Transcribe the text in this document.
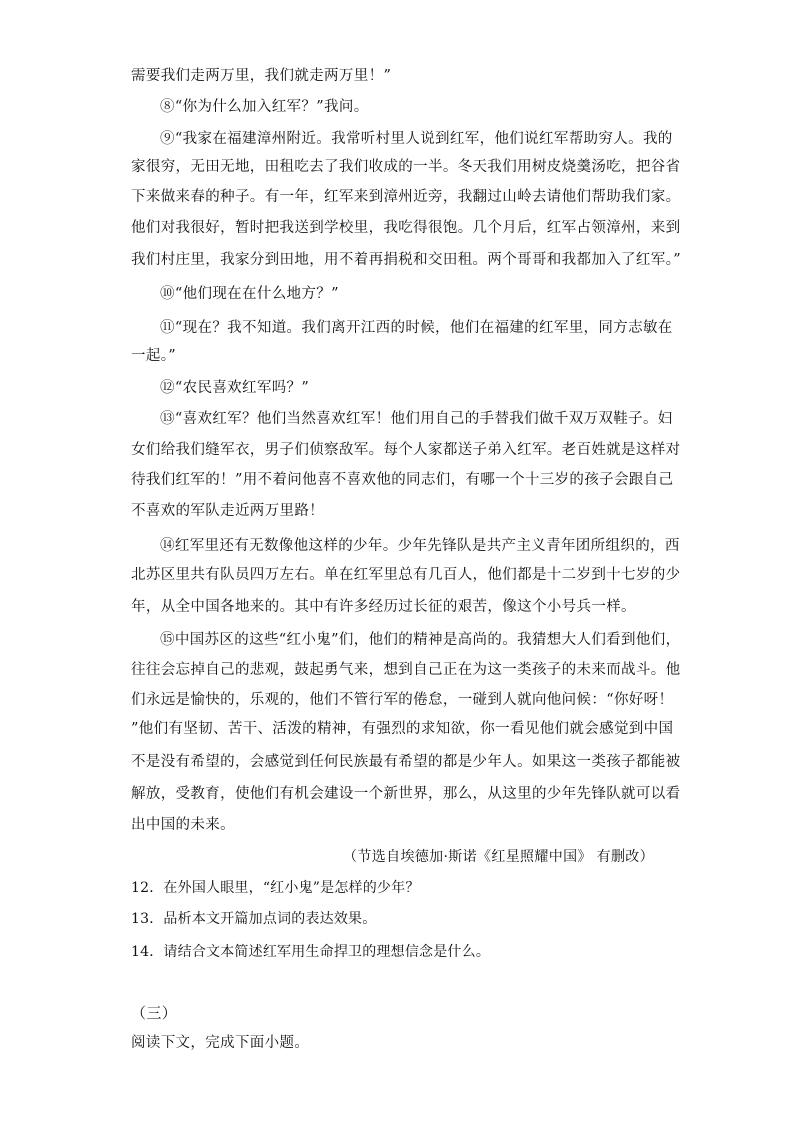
需要我们走两万里，我们就走两万里！”
⑧“你为什么加入红军？”我问。
⑨“我家在福建漳州附近。我常听村里人说到红军，他们说红军帮助穷人。我的
家很穷，无田无地，田租吃去了我们收成的一半。冬天我们用树皮烧羹汤吃，把谷省
下来做来春的种子。有一年，红军来到漳州近旁，我翻过山岭去请他们帮助我们家。
他们对我很好，暂时把我送到学校里，我吃得很饱。几个月后，红军占领漳州，来到
我们村庄里，我家分到田地，用不着再捐税和交田租。两个哥哥和我都加入了红军。”
⑩“他们现在在什么地方？”
⑪“现在？我不知道。我们离开江西的时候，他们在福建的红军里，同方志敏在
一起。”
⑫“农民喜欢红军吗？”
⑬“喜欢红军？他们当然喜欢红军！他们用自己的手替我们做千双万双鞋子。妇
女们给我们缝军衣，男子们侦察敌军。每个人家都送子弟入红军。老百姓就是这样对
待我们红军的！”用不着问他喜不喜欢他的同志们，有哪一个十三岁的孩子会跟自己
不喜欢的军队走近两万里路！
⑭红军里还有无数像他这样的少年。少年先锋队是共产主义青年团所组织的，西
北苏区里共有队员四万左右。单在红军里总有几百人，他们都是十二岁到十七岁的少
年，从全中国各地来的。其中有许多经历过长征的艰苦，像这个小号兵一样。
⑮中国苏区的这些“红小鬼”们，他们的精神是高尚的。我猜想大人们看到他们，
往往会忘掉自己的悲观，鼓起勇气来，想到自己正在为这一类孩子的未来而战斗。他
们永远是愉快的，乐观的，他们不管行军的倦怠，一碰到人就向他问候：“你好呀！
”他们有坚韧、苦干、活泼的精神，有强烈的求知欲，你一看见他们就会感觉到中国
不是没有希望的，会感觉到任何民族最有希望的都是少年人。如果这一类孩子都能被
解放，受教育，使他们有机会建设一个新世界，那么，从这里的少年先锋队就可以看
出中国的未来。
（节选自埃德加·斯诺《红星照耀中国》 有删改）
12．在外国人眼里，“红小鬼”是怎样的少年？
13．品析本文开篇加点词的表达效果。
14．请结合文本简述红军用生命捍卫的理想信念是什么。
（三）
阅读下文，完成下面小题。
